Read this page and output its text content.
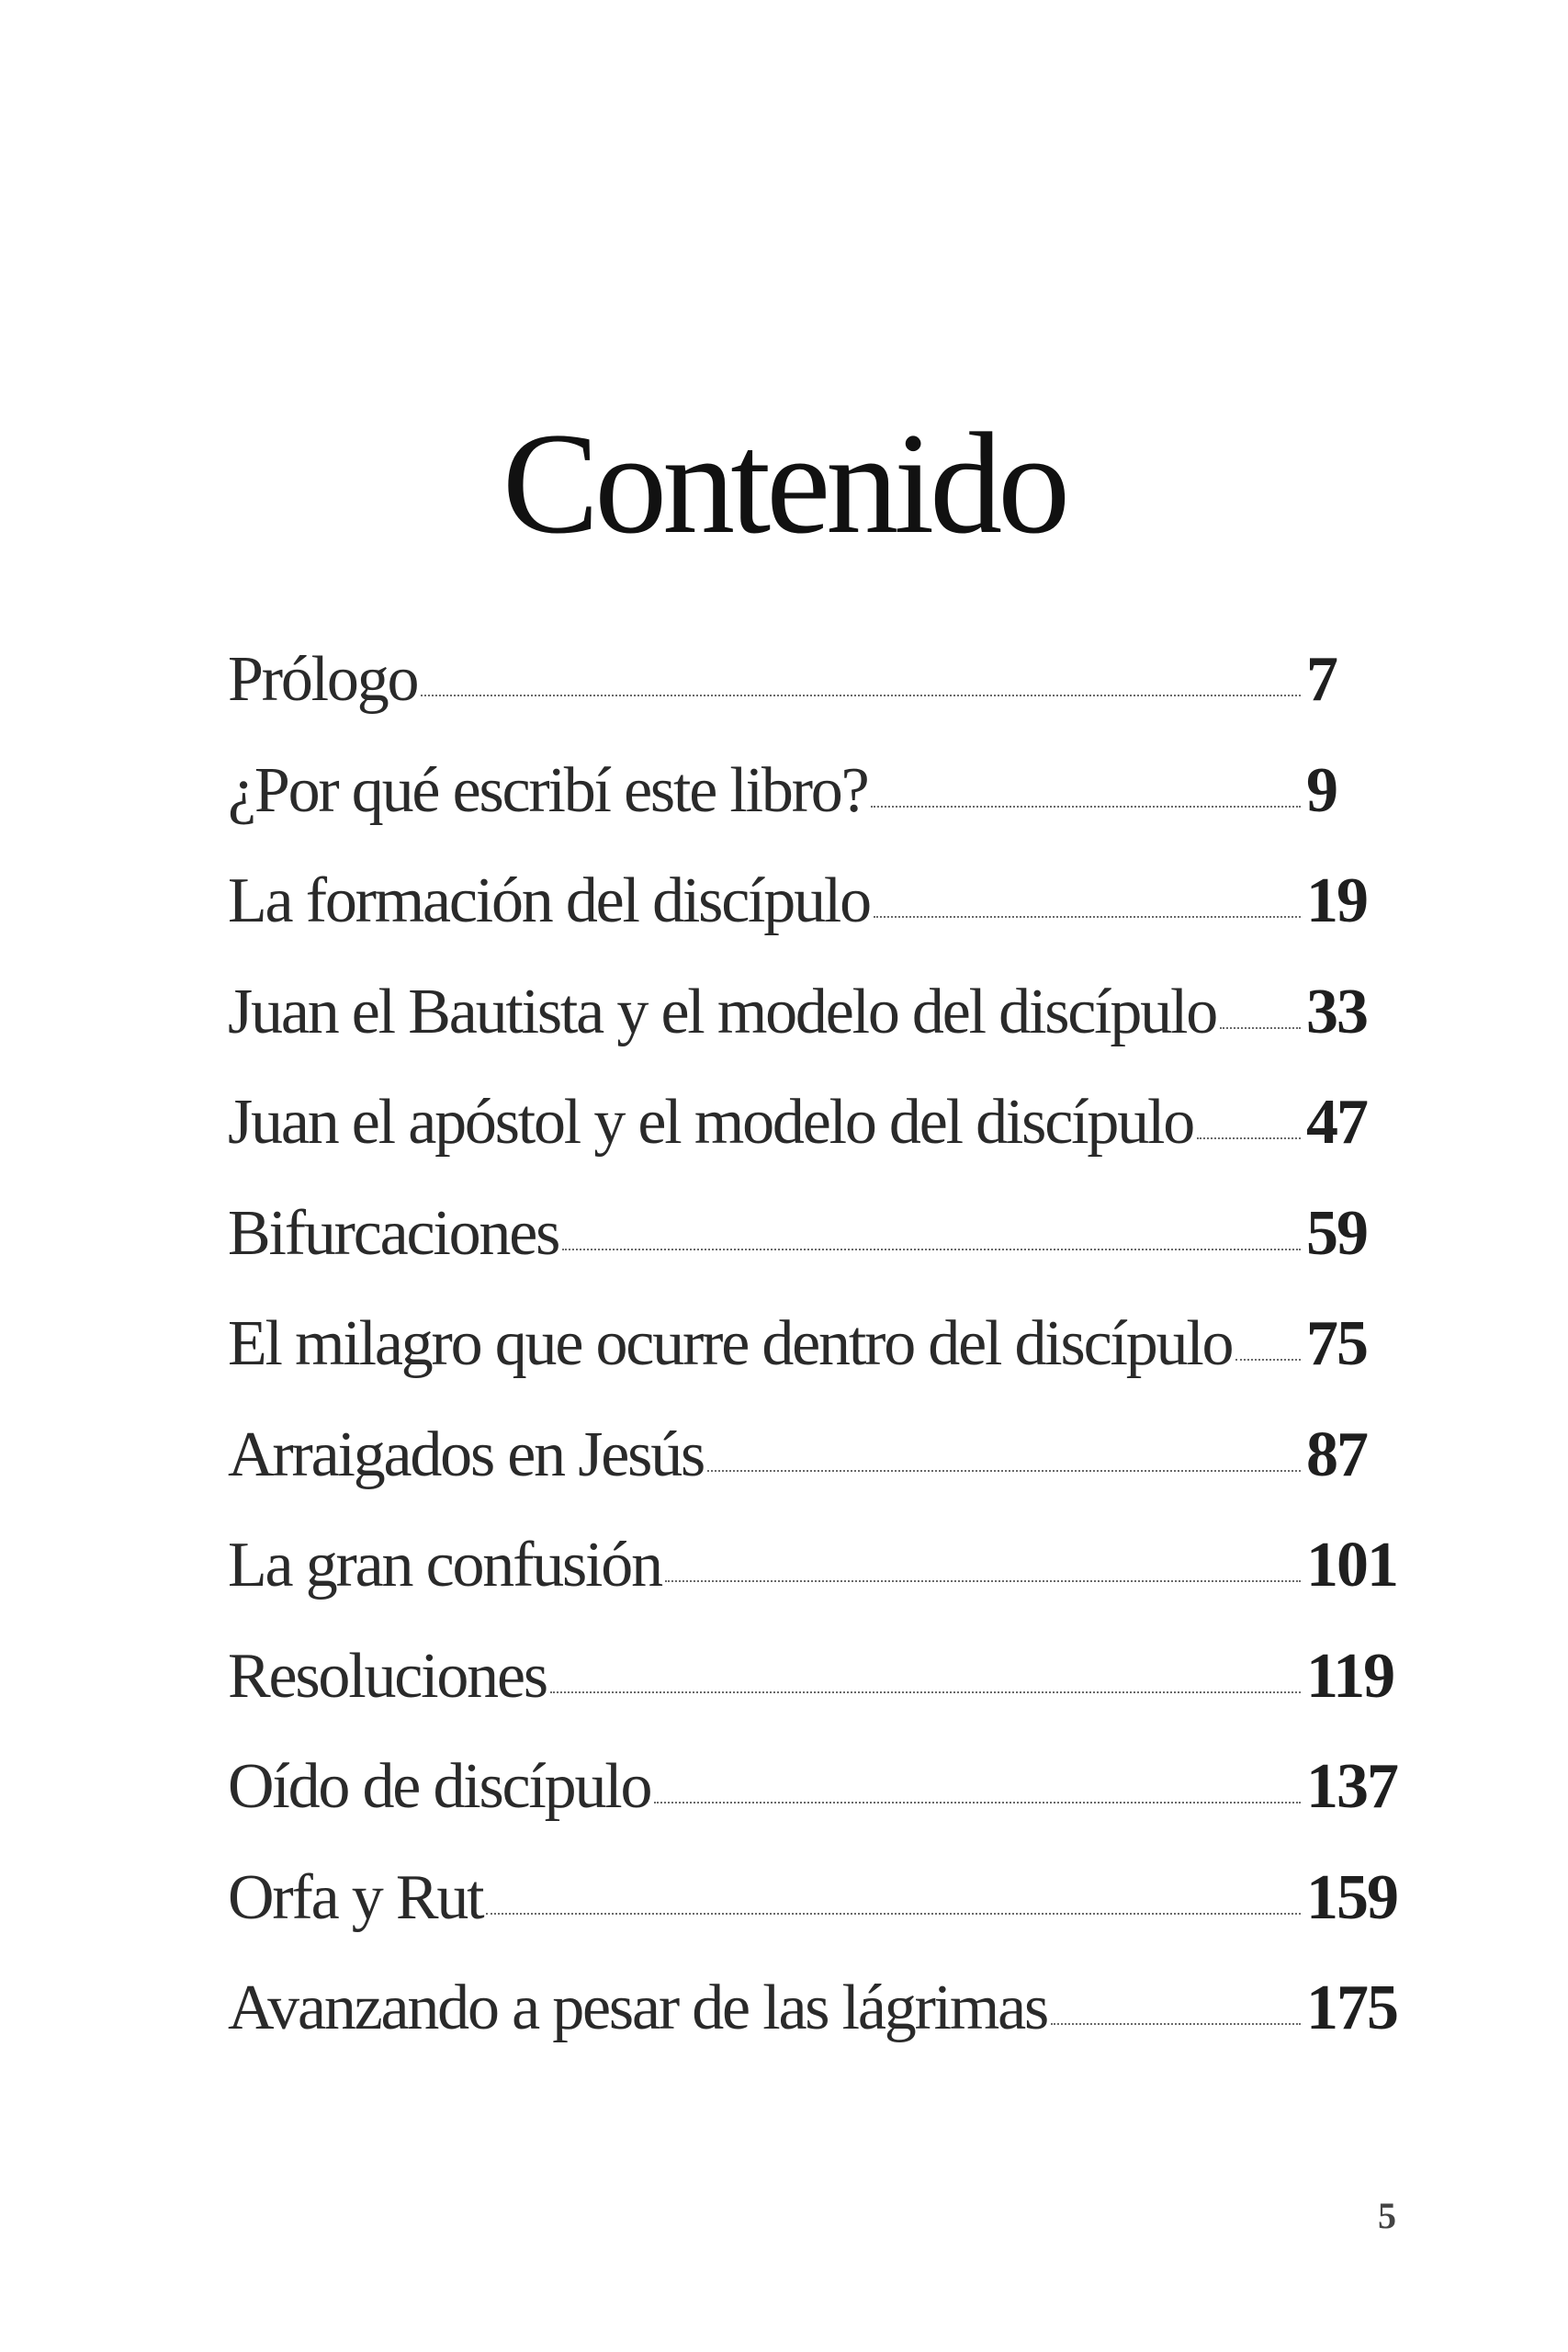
Contenido
Prólogo	7
¿Por qué escribí este libro?	9
La formación del discípulo	19
Juan el Bautista y el modelo del discípulo 33
Juan el apóstol y el modelo del discípulo 47
Bifurcaciones	59
El milagro que ocurre dentro del discípulo 75
Arraigados en Jesús	87
La gran confusión	101
Resoluciones	119
Oído de discípulo	137
Orfa y Rut	159
Avanzando a pesar de las lágrimas	175
5
